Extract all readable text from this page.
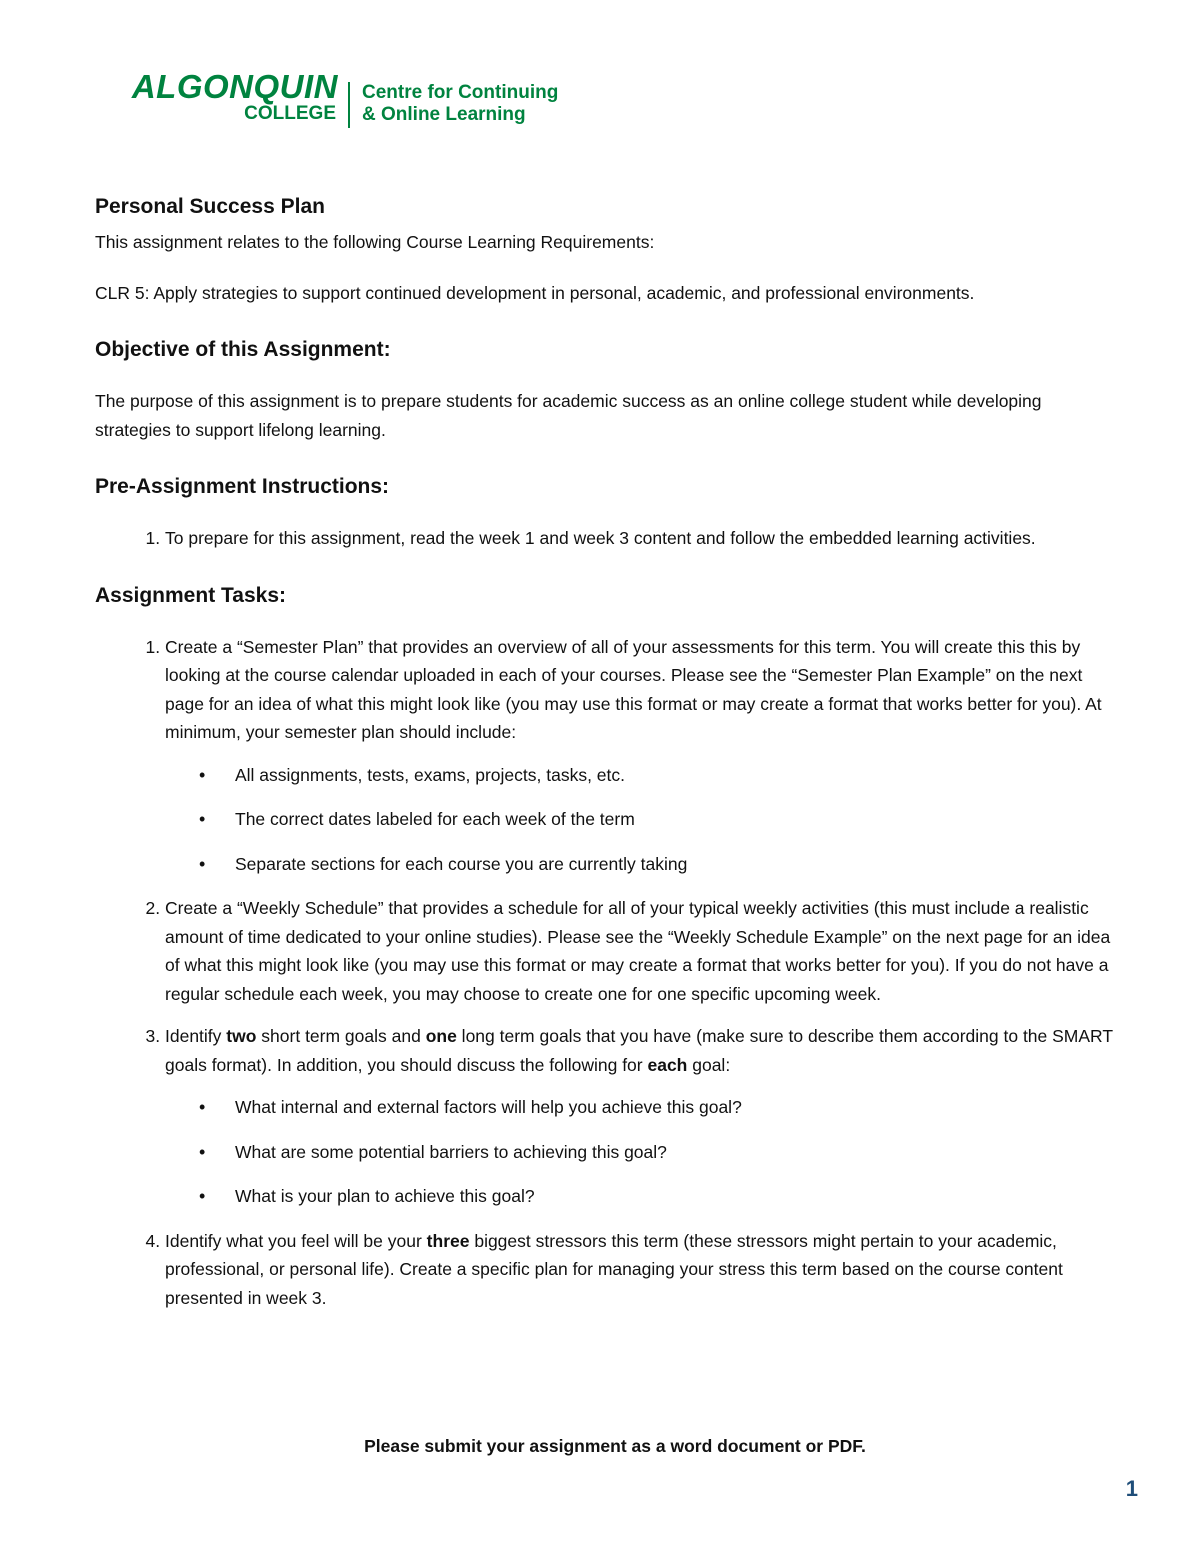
ALGONQUIN
COLLEGE
Centre for Continuing
& Online Learning
Personal Success Plan

This assignment relates to the following Course Learning Requirements:

CLR 5: Apply strategies to support continued development in personal, academic, and professional environments.

Objective of this Assignment:

The purpose of this assignment is to prepare students for academic success as an online college student while developing strategies to support lifelong learning.

Pre-Assignment Instructions:
1. To prepare for this assignment, read the week 1 and week 3 content and follow the embedded learning activities.
Assignment Tasks:
1. Create a “Semester Plan” that provides an overview of all of your assessments for this term. You will create this this by looking at the course calendar uploaded in each of your courses. Please see the “Semester Plan Example” on the next page for an idea of what this might look like (you may use this format or may create a format that works better for you). At minimum, your semester plan should include:
• All assignments, tests, exams, projects, tasks, etc.
• The correct dates labeled for each week of the term
• Separate sections for each course you are currently taking
2. Create a “Weekly Schedule” that provides a schedule for all of your typical weekly activities (this must include a realistic amount of time dedicated to your online studies). Please see the “Weekly Schedule Example” on the next page for an idea of what this might look like (you may use this format or may create a format that works better for you). If you do not have a regular schedule each week, you may choose to create one for one specific upcoming week.
3. Identify two short term goals and one long term goals that you have (make sure to describe them according to the SMART goals format). In addition, you should discuss the following for each goal:
• What internal and external factors will help you achieve this goal?
• What are some potential barriers to achieving this goal?
• What is your plan to achieve this goal?
4. Identify what you feel will be your three biggest stressors this term (these stressors might pertain to your academic, professional, or personal life). Create a specific plan for managing your stress this term based on the course content presented in week 3.
Please submit your assignment as a word document or PDF.
1
